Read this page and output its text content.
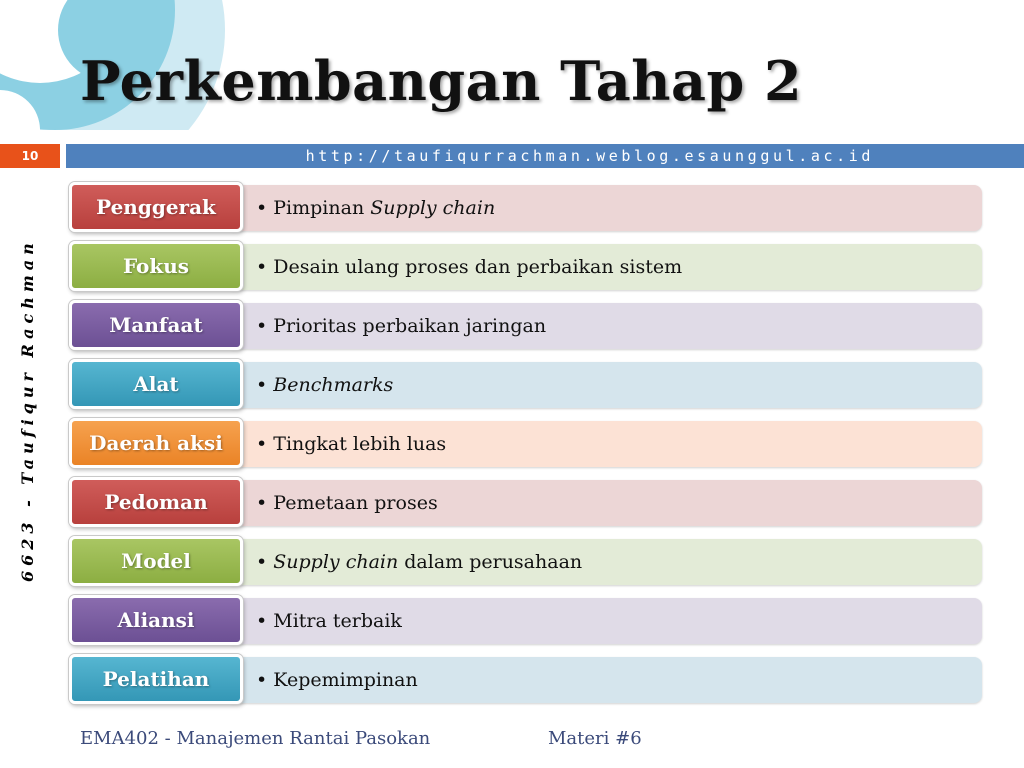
Perkembangan Tahap 2
10	http://taufiqurrachman.weblog.esaunggul.ac.id
6623 - Taufiqur Rachman
• Pimpinan Supply chain
Penggerak
• Desain ulang proses dan perbaikan sistem
Fokus
• Prioritas perbaikan jaringan
Manfaat
• Benchmarks
Alat
• Tingkat lebih luas
Daerah aksi
• Pemetaan proses
Pedoman
• Supply chain dalam perusahaan
Model
• Mitra terbaik
Aliansi
• Kepemimpinan
Pelatihan
EMA402 - Manajemen Rantai Pasokan	Materi #6
